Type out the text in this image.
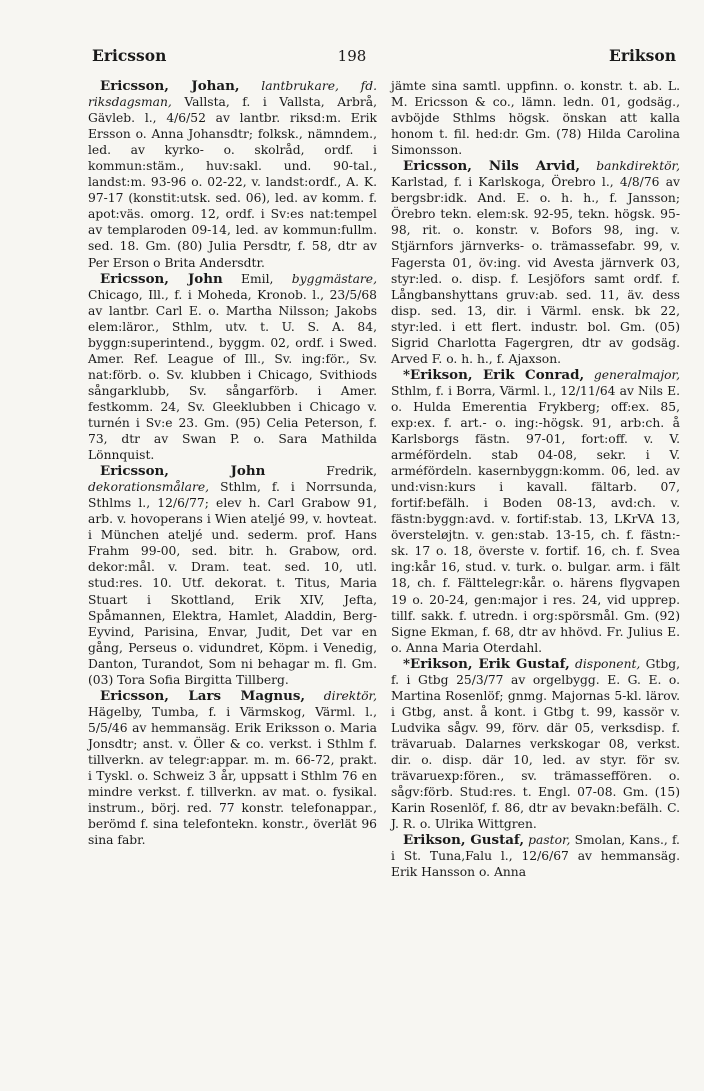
198
Ericsson	Erikson

Ericsson, Johan, lantbrukare, fd. riksdagsman, Vallsta, f. i Vallsta, Arbrå, Gävleb. l., 4/6/52 av lantbr. riksd:m. Erik Ersson o. Anna Johansdtr; folksk., nämndem., led. av kyrko- o. skolråd, ordf. i kommun:stäm., huv:sakl. und. 90-tal., landst:m. 93-96 o. 02-22, v. landst:ordf., A. K. 97-17 (konstit:utsk. sed. 06), led. av komm. f. apot:väs. omorg. 12, ordf. i Sv:es nat:tempel av templaroden 09-14, led. av kommun:fullm. sed. 18. Gm. (80) Julia Persdtr, f. 58, dtr av Per Erson o Brita Andersdtr.

Ericsson, John Emil, byggmästare, Chicago, Ill., f. i Moheda, Kronob. l., 23/5/68 av lantbr. Carl E. o. Martha Nilsson; Jakobs elem:läror., Sthlm, utv. t. U. S. A. 84, byggn:superintend., byggm. 02, ordf. i Swed. Amer. Ref. League of Ill., Sv. ing:för., Sv. nat:förb. o. Sv. klubben i Chicago, Svithiods sångarklubb, Sv. sångarförb. i Amer. festkomm. 24, Sv. Gleeklubben i Chicago v. turnén i Sv:e 23. Gm. (95) Celia Peterson, f. 73, dtr av Swan P. o. Sara Mathilda Lönnquist.

Ericsson, John	Fredrik, dekorationsmålare, Sthlm, f. i Norrsunda, Sthlms l., 12/6/77; elev h. Carl Grabow 91, arb. v. hovoperans i Wien ateljé 99, v. hovteat. i München ateljé und. sederm. prof. Hans Frahm 99-00, sed. bitr. h. Grabow, ord. dekor:mål. v. Dram. teat. sed. 10, utl. stud:res. 10. Utf. dekorat. t. Titus, Maria Stuart i Skottland, Erik XIV, Jefta, Spåmannen, Elektra, Hamlet, Aladdin, Berg-Eyvind, Parisina, Envar, Judit, Det var en gång, Perseus o. vidundret, Köpm. i Venedig, Danton, Turandot, Som ni behagar m. fl. Gm. (03) Tora Sofia Birgitta Tillberg.

Ericsson, Lars Magnus, direktör, Hägelby, Tumba, f. i Värmskog, Värml. l., 5/5/46 av hemmansäg. Erik Eriksson o. Maria Jonsdtr; anst. v. Öller & co. verkst. i Sthlm f. tillverkn. av telegr:appar. m. m. 66-72, prakt. i Tyskl. o. Schweiz 3 år, uppsatt i Sthlm 76 en mindre verkst. f. tillverkn. av mat. o. fysikal. instrum., börj. red. 77 konstr. telefonappar., berömd f. sina telefontekn. konstr., överlät 96 sina fabr.

jämte sina samtl. uppfinn. o. konstr. t. ab. L. M. Ericsson & co., lämn. ledn. 01, godsäg., avböjde Sthlms högsk. önskan att kalla honom t. fil. hed:dr. Gm. (78) Hilda Carolina Simonsson.

Ericsson, Nils Arvid, bankdirektör, Karlstad, f. i Karlskoga, Örebro l., 4/8/76 av bergsbr:idk. And. E. o. h. h., f. Jansson; Örebro tekn. elem:sk. 92-95, tekn. högsk. 95-98, rit. o. konstr. v. Bofors 98, ing. v. Stjärnfors järnverks- o. trämassefabr. 99, v. Fagersta 01, öv:ing. vid Avesta järnverk 03, styr:led. o. disp. f. Lesjöfors samt ordf. f. Långbanshyttans gruv:ab. sed. 11, äv. dess disp. sed. 13, dir. i Värml. ensk. bk 22, styr:led. i ett flert. industr. bol. Gm. (05) Sigrid Charlotta Fagergren, dtr av godsäg. Arved F. o. h. h., f. Ajaxson.

*Erikson, Erik Conrad, generalmajor, Sthlm, f. i Borra, Värml. l., 12/11/64 av Nils E. o. Hulda Emerentia Frykberg; off:ex. 85, exp:ex. f. art.- o. ing:-högsk. 91, arb:ch. å Karlsborgs fästn. 97-01, fort:off. v. V. arméfördeln. stab 04-08, sekr. i V. arméfördeln. kasernbyggn:komm. 06, led. av und:visn:kurs i kavall. fältarb. 07, fortif:befälh. i Boden 08-13, avd:ch. v. fästn:byggn:avd. v. fortif:stab. 13, LKrVA 13, översteløjtn. v. gen:stab. 13-15, ch. f. fästn:-sk. 17 o. 18, överste v. fortif. 16, ch. f. Svea ing:kår 16, stud. v. turk. o. bulgar. arm. i fält 18, ch. f. Fälttelegr:kår. o. härens flygvapen 19 o. 20-24, gen:major i res. 24, vid upprep. tillf. sakk. f. utredn. i org:spörsmål. Gm. (92) Signe Ekman, f. 68, dtr av hhövd. Fr. Julius E. o. Anna Maria Oterdahl.

*Erikson, Erik Gustaf, disponent, Gtbg, f. i Gtbg 25/3/77 av orgelbygg. E. G. E. o. Martina Rosenlöf; gnmg. Majornas 5-kl. lärov. i Gtbg, anst. å kont. i Gtbg t. 99, kassör v. Ludvika sågv. 99, förv. där 05, verksdisp. f. trävaruab. Dalarnes verkskogar 08, verkst. dir. o. disp. där 10, led. av styr. för sv. trävaruexp:fören., sv. trämasseffören. o. sågv:förb. Stud:res. t. Engl. 07-08. Gm. (15) Karin Rosenlöf, f. 86, dtr av bevakn:befälh. C. J. R. o. Ulrika Wittgren.

Erikson, Gustaf, pastor, Smolan, Kans., f. i St. Tuna,Falu l., 12/6/67 av hemmansäg. Erik Hansson o. Anna
